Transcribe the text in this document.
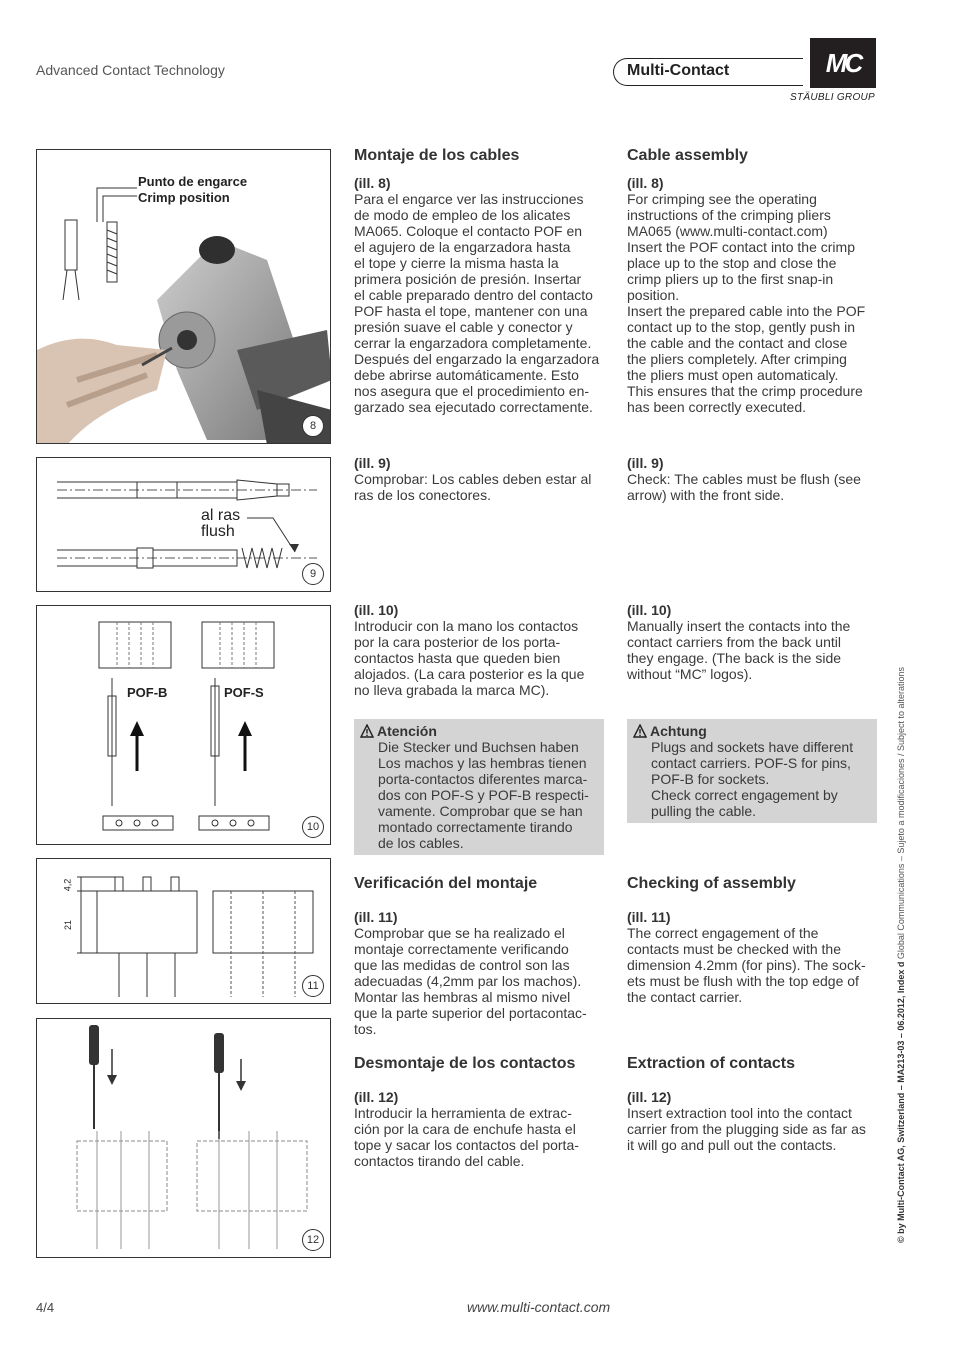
Advanced Contact Technology	Multi-Contact	MC
STÄUBLI GROUP
Punto de engarce
Crimp position
8
al ras
flush
9
POF-B	POF-S
10
4,2
21
11
12
Montaje de los cables
(ill. 8)
Para el engarce ver las instrucciones
de modo de empleo de los alicates
MA065. Coloque el contacto POF en
el agujero de la engarzadora hasta
el tope y cierre la misma hasta la
primera posición de presión. Insertar
el cable preparado dentro del contacto
POF hasta el tope, mantener con una
presión suave el cable y conector y
cerrar la engarzadora completamente.
Después del engarzado la engarzadora
debe abrirse automáticamente. Esto
nos asegura que el procedimiento en-
garzado sea ejecutado correctamente.
(ill. 9)
Comprobar: Los cables deben estar al
ras de los conectores.
(ill. 10)
Introducir con la mano los contactos
por la cara posterior de los porta-
contactos hasta que queden bien
alojados. (La cara posterior es la que
no lleva grabada la marca MC).
Atención
Die Stecker und Buchsen haben
Los machos y las hembras tienen
porta-contactos diferentes marca-
dos con POF-S y POF-B respecti-
vamente. Comprobar que se han
montado correctamente tirando
de los cables.
Verificación del montaje
(ill. 11)
Comprobar que se ha realizado el
montaje correctamente verificando
que las medidas de control son las
adecuadas (4,2mm par los machos).
Montar las hembras al mismo nivel
que la parte superior del portacontac-
tos.
Desmontaje de los contactos
(ill. 12)
Introducir la herramienta de extrac-
ción por la cara de enchufe hasta el
tope y sacar los contactos del porta-
contactos tirando del cable.
Cable assembly
(ill. 8)
For crimping see the operating
instructions of the crimping pliers
MA065 (www.multi-contact.com)
Insert the POF contact into the crimp
place up to the stop and close the
crimp pliers up to the first snap-in
position.
Insert the prepared cable into the POF
contact up to the stop, gently push in
the cable and the contact and close
the pliers completely. After crimping
the pliers must open automaticaly.
This ensures that the crimp procedure
has been correctly executed.
(ill. 9)
Check: The cables must be flush (see
arrow) with the front side.
(ill. 10)
Manually insert the contacts into the
contact carriers from the back until
they engage. (The back is the side
without “MC” logos).
Achtung
Plugs and sockets have different
contact carriers. POF-S for pins,
POF-B for sockets.
Check correct engagement by
pulling the cable.
Checking of assembly
(ill. 11)
The correct engagement of the
contacts must be checked with the
dimension 4.2mm (for pins). The sock-
ets must be flush with the top edge of
the contact carrier.
Extraction of contacts
(ill. 12)
Insert extraction tool into the contact
carrier from the plugging side as far as
it will go and pull out the contacts.	© by Multi-Contact AG, Switzerland – MA213-03 – 06.2012, Index d Global Communications – Sujeto a modificaciones / Subject to alterations
4/4	www.multi-contact.com
